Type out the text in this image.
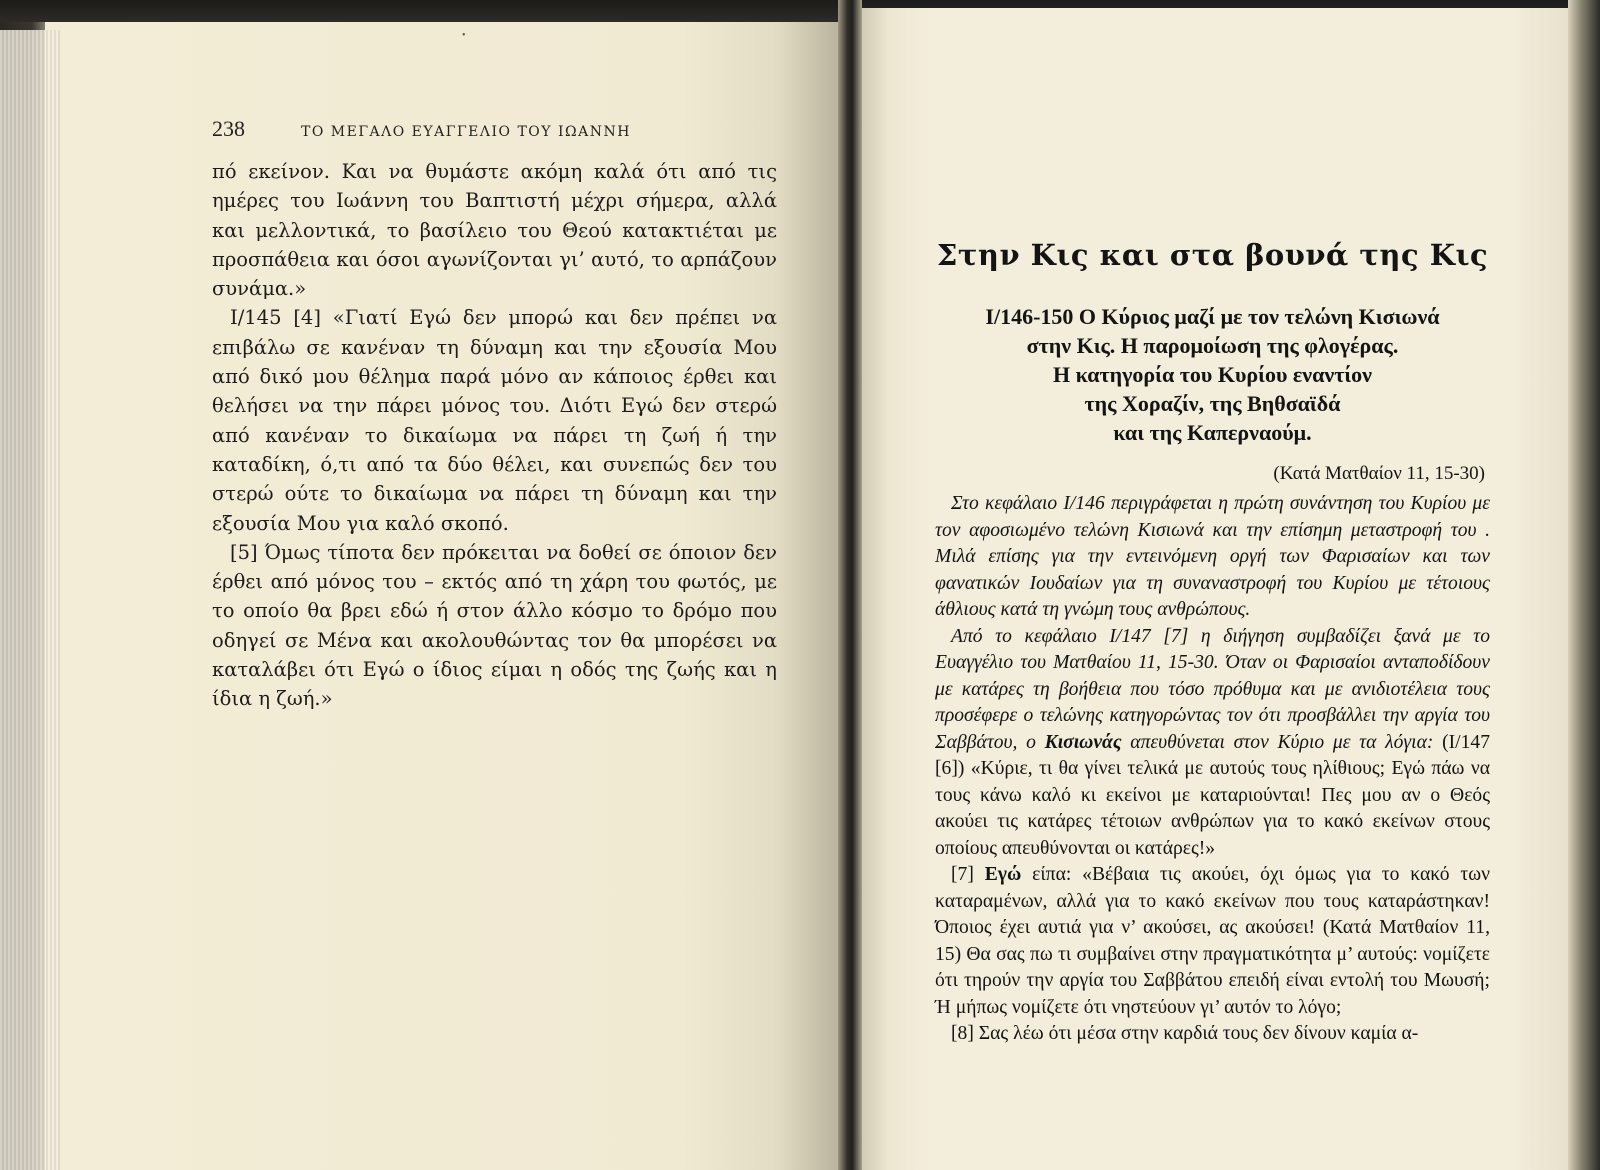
•
238	ΤΟ ΜΕΓΑΛΟ ΕΥΑΓΓΕΛΙΟ ΤΟΥ ΙΩΑΝΝΗ

πό εκείνον. Και να θυμάστε ακόμη καλά ότι από τις ημέρες του Ιωάννη του Βαπτιστή μέχρι σήμερα, αλλά και μελλοντικά, το βασίλειο του Θεού κατακτιέται με προσπάθεια και όσοι αγωνίζονται γι’ αυτό, το αρπάζουν συνάμα.»

Ι/145 [4] «Γιατί Εγώ δεν μπορώ και δεν πρέπει να επιβάλω σε κανέναν τη δύναμη και την εξουσία Μου από δικό μου θέλημα παρά μόνο αν κάποιος έρθει και θελήσει να την πάρει μόνος του. Διότι Εγώ δεν στερώ από κανέναν το δικαίωμα να πάρει τη ζωή ή την καταδίκη, ό,τι από τα δύο θέλει, και συνεπώς δεν του στερώ ούτε το δικαίωμα να πάρει τη δύναμη και την εξουσία Μου για καλό σκοπό.

[5] Όμως τίποτα δεν πρόκειται να δοθεί σε όποιον δεν έρθει από μόνος του – εκτός από τη χάρη του φωτός, με το οποίο θα βρει εδώ ή στον άλλο κόσμο το δρόμο που οδηγεί σε Μένα και ακολουθώντας τον θα μπορέσει να καταλάβει ότι Εγώ ο ίδιος είμαι η οδός της ζωής και η ίδια η ζωή.»

Στην Κις και στα βουνά της Κις
Ι/146-150 Ο Κύριος μαζί με τον τελώνη Κισιωνά
στην Κις. Η παρομοίωση της φλογέρας.
Η κατηγορία του Κυρίου εναντίον
της Χοραζίν, της Βηθσαϊδά
και της Καπερναούμ.
(Κατά Ματθαίον 11, 15-30)

Στο κεφάλαιο Ι/146 περιγράφεται η πρώτη συνάντηση του Κυρίου με τον αφοσιωμένο τελώνη Κισιωνά και την επίσημη μεταστροφή του . Μιλά επίσης για την εντεινόμενη οργή των Φαρισαίων και των φανατικών Ιουδαίων για τη συναναστροφή του Κυρίου με τέτοιους άθλιους κατά τη γνώμη τους ανθρώπους.

Από το κεφάλαιο Ι/147 [7] η διήγηση συμβαδίζει ξανά με το Ευαγγέλιο του Ματθαίου 11, 15-30. Όταν οι Φαρισαίοι ανταποδίδουν με κατάρες τη βοήθεια που τόσο πρόθυμα και με ανιδιοτέλεια τους προσέφερε ο τελώνης κατηγορώντας τον ότι προσβάλλει την αργία του Σαββάτου, ο Κισιωνάς απευθύνεται στον Κύριο με τα λόγια: (Ι/147 [6]) «Κύριε, τι θα γίνει τελικά με αυτούς τους ηλίθιους; Εγώ πάω να τους κάνω καλό κι εκείνοι με καταριούνται! Πες μου αν ο Θεός ακούει τις κατάρες τέτοιων ανθρώπων για το κακό εκείνων στους οποίους απευθύνονται οι κατάρες!»

[7] Εγώ είπα: «Βέβαια τις ακούει, όχι όμως για το κακό των καταραμένων, αλλά για το κακό εκείνων που τους καταράστηκαν! Όποιος έχει αυτιά για ν’ ακούσει, ας ακούσει! (Κατά Ματθαίον 11, 15) Θα σας πω τι συμβαίνει στην πραγματικότητα μ’ αυτούς: νομίζετε ότι τηρούν την αργία του Σαββάτου επειδή είναι εντολή του Μωυσή; Ή μήπως νομίζετε ότι νηστεύουν γι’ αυτόν το λόγο;

[8] Σας λέω ότι μέσα στην καρδιά τους δεν δίνουν καμία α-
